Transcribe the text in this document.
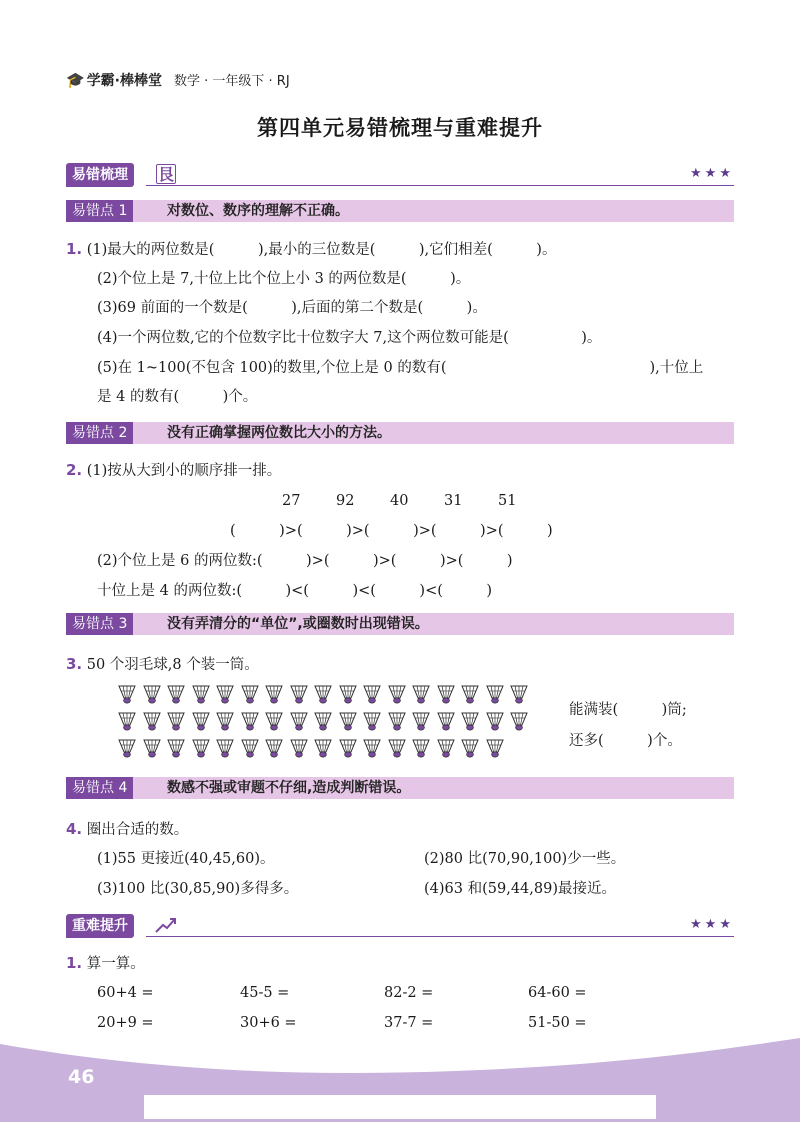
🎓 学霸·棒棒堂 数学 · 一年级下 · RJ
第四单元易错梳理与重难提升
易错梳理	艮	★★★
易错点 1	对数位、数序的理解不正确。
1. (1)最大的两位数是(　　　),最小的三位数是(　　　),它们相差(　　　)。
(2)个位上是 7,十位上比个位上小 3 的两位数是(　　　)。
(3)69 前面的一个数是(　　　),后面的第二个数是(　　　)。
(4)一个两位数,它的个位数字比十位数字大 7,这个两位数可能是(　　　　　)。
(5)在 1~100(不包含 100)的数里,个位上是 0 的数有(　　　　　　　　　　　　　　),十位上
是 4 的数有(　　　)个。
易错点 2	没有正确掌握两位数比大小的方法。
2. (1)按从大到小的顺序排一排。
27 92 40 31 51
(　　　)>(　　　)>(　　　)>(　　　)>(　　　)
(2)个位上是 6 的两位数:(　　　)>(　　　)>(　　　)>(　　　)
十位上是 4 的两位数:(　　　)<(　　　)<(　　　)<(　　　)
易错点 3	没有弄清分的“单位”,或圈数时出现错误。
3. 50 个羽毛球,8 个装一筒。
能满装(　　　)筒;
还多(　　　)个。
易错点 4	数感不强或审题不仔细,造成判断错误。
4. 圈出合适的数。
(1)55 更接近(40,45,60)。	(2)80 比(70,90,100)少一些。
(3)100 比(30,85,90)多得多。	(4)63 和(59,44,89)最接近。
重难提升	★★★
1. 算一算。
60+4 =	45-5 =	82-2 =	64-60 =
20+9 =	30+6 =	37-7 =	51-50 =
46
